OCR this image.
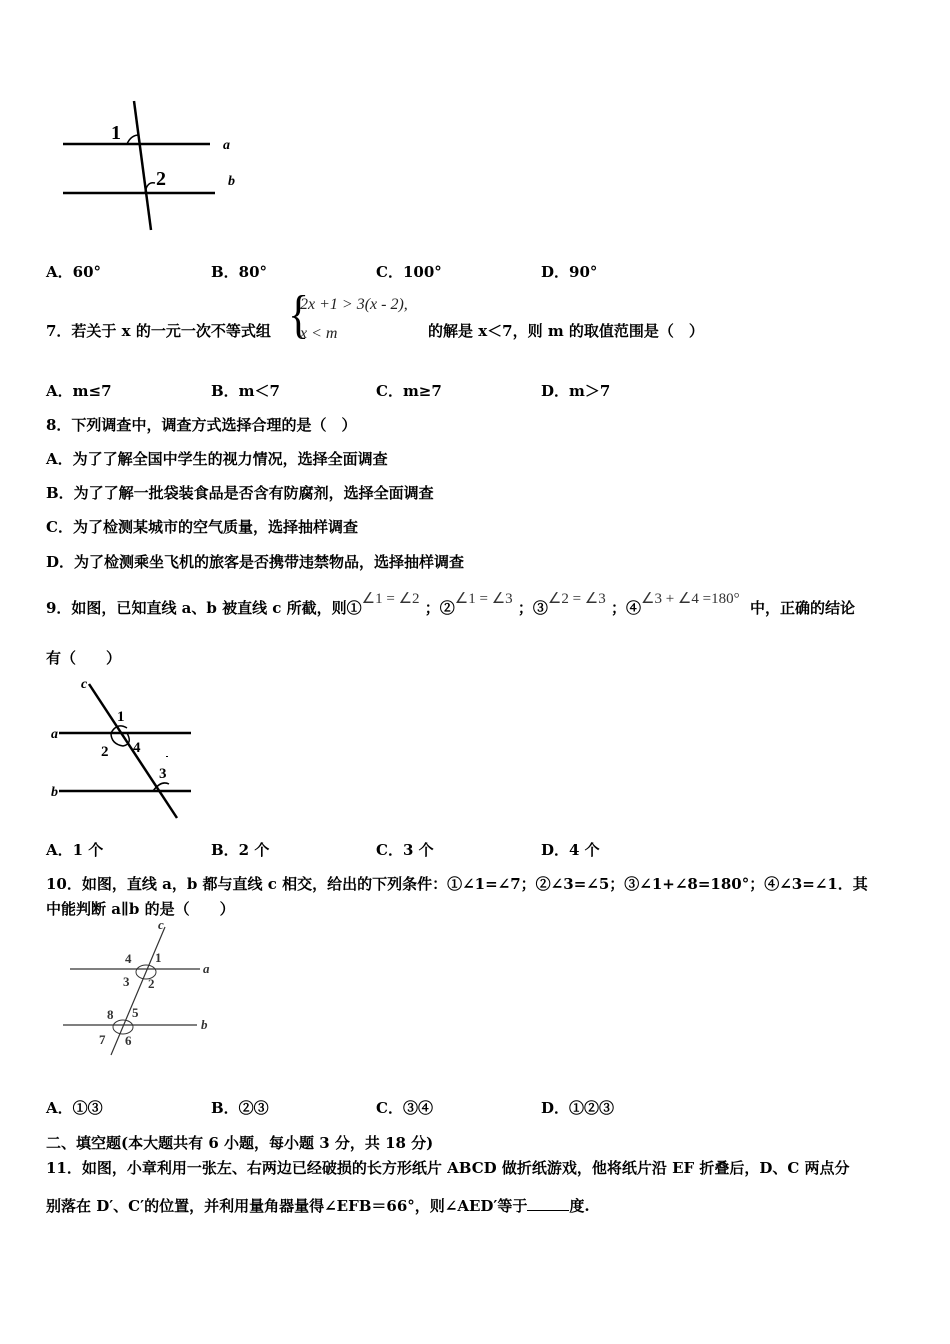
1
2
a
b
A．60°	B．80°	C．100°	D．90°
7．若关于 x 的一元一次不等式组 {
2x +1 > 3(x - 2),
x < m	的解是 x＜7，则 m 的取值范围是（　）
A．m≤7	B．m＜7	C．m≥7	D．m＞7
8．下列调查中，调查方式选择合理的是（　）
A．为了了解全国中学生的视力情况，选择全面调查
B．为了了解一批袋装食品是否含有防腐剂，选择全面调查
C．为了检测某城市的空气质量，选择抽样调查
D．为了检测乘坐飞机的旅客是否携带违禁物品，选择抽样调查
9．如图，已知直线 a、b 被直线 c 所截，则①∠1 = ∠2 ；②∠1 = ∠3 ；③∠2 = ∠3 ；④∠3 + ∠4 =180° 中，正确的结论
有（　　）
c
a
b
1
2 4
3
A．1 个	B．2 个	C．3 个	D．4 个
10．如图，直线 a，b 都与直线 c 相交，给出的下列条件：①∠1=∠7；②∠3=∠5；③∠1+∠8=180°；④∠3=∠1．其
中能判断 a∥b 的是（　　）
c
a
b
4 1
3 2
8 5
7 6
A．①③	B．②③	C．③④	D．①②③
二、填空题(本大题共有 6 小题，每小题 3 分，共 18 分)
11．如图，小章利用一张左、右两边已经破损的长方形纸片 ABCD 做折纸游戏，他将纸片沿 EF 折叠后，D、C 两点分
别落在 D′、C′的位置，并利用量角器量得∠EFB＝66°，则∠AED′等于	度.
